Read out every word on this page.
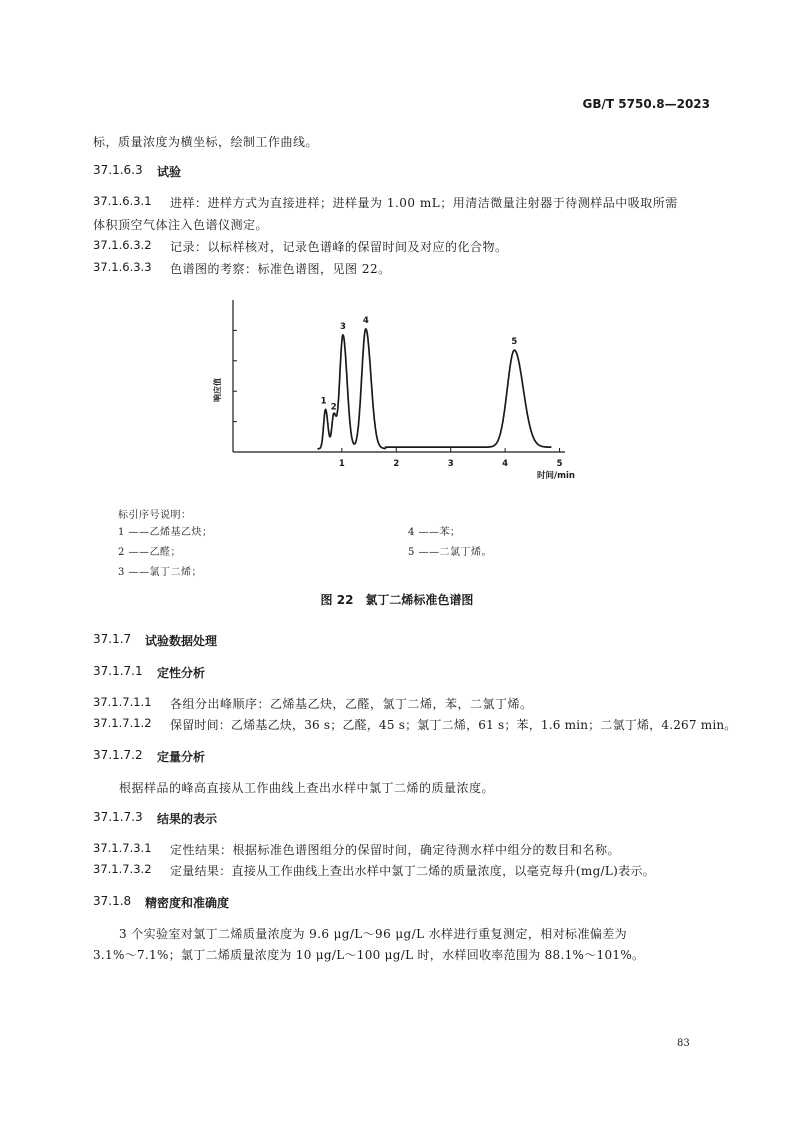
GB/T 5750.8—2023
标，质量浓度为横坐标，绘制工作曲线。
37.1.6.3 试验
37.1.6.3.1 进样：进样方式为直接进样；进样量为 1.00 mL；用清洁微量注射器于待测样品中吸取所需
体积顶空气体注入色谱仪测定。
37.1.6.3.2 记录：以标样核对，记录色谱峰的保留时间及对应的化合物。
37.1.6.3.3 色谱图的考察：标准色谱图，见图 22。
1
2
3
4
5
1	2	3	4	5
响应值
时间/min
标引序号说明：
1 ——乙烯基乙炔；
2 ——乙醛；
3 ——氯丁二烯；
4 ——苯；
5 ——二氯丁烯。
图 22　氯丁二烯标准色谱图
37.1.7 试验数据处理
37.1.7.1 定性分析
37.1.7.1.1 各组分出峰顺序：乙烯基乙炔，乙醛，氯丁二烯，苯，二氯丁烯。
37.1.7.1.2 保留时间：乙烯基乙炔，36 s；乙醛，45 s；氯丁二烯，61 s；苯，1.6 min；二氯丁烯，4.267 min。
37.1.7.2 定量分析
根据样品的峰高直接从工作曲线上查出水样中氯丁二烯的质量浓度。
37.1.7.3 结果的表示
37.1.7.3.1 定性结果：根据标准色谱图组分的保留时间，确定待测水样中组分的数目和名称。
37.1.7.3.2 定量结果：直接从工作曲线上查出水样中氯丁二烯的质量浓度，以毫克每升(mg/L)表示。
37.1.8 精密度和准确度
3 个实验室对氯丁二烯质量浓度为 9.6 μg/L～96 μg/L 水样进行重复测定，相对标准偏差为
3.1%～7.1%；氯丁二烯质量浓度为 10 μg/L～100 μg/L 时，水样回收率范围为 88.1%～101%。
83
